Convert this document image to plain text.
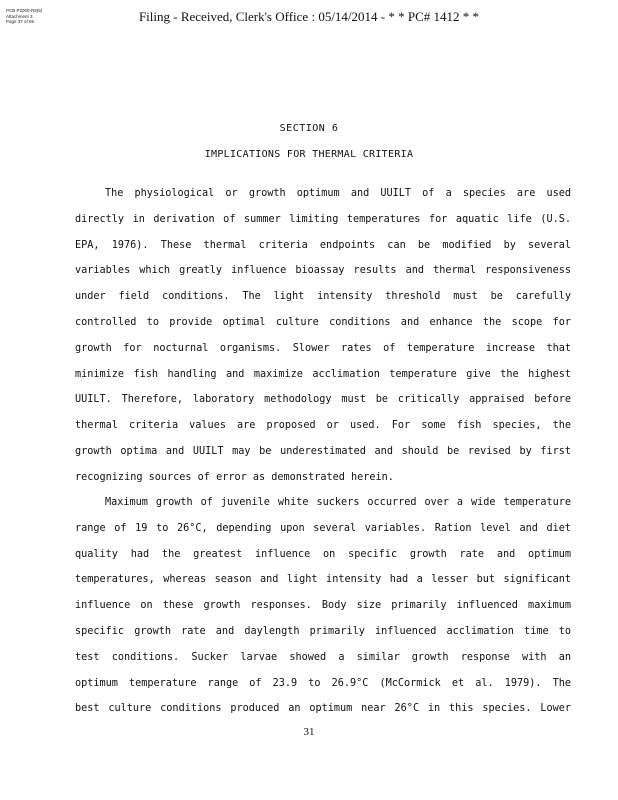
PCB P2000-R9(5)
Attachment 3
Page 37 of 65	Filing - Received, Clerk's Office : 05/14/2014 - * * PC# 1412 * *
SECTION 6
IMPLICATIONS FOR THERMAL CRITERIA
The physiological or growth optimum and UUILT of a species are used
directly in derivation of summer limiting temperatures for aquatic life (U.S.
EPA, 1976). These thermal criteria endpoints can be modified by several
variables which greatly influence bioassay results and thermal responsiveness
under field conditions. The light intensity threshold must be carefully
controlled to provide optimal culture conditions and enhance the scope for
growth for nocturnal organisms. Slower rates of temperature increase that
minimize fish handling and maximize acclimation temperature give the highest
UUILT. Therefore, laboratory methodology must be critically appraised before
thermal criteria values are proposed or used. For some fish species, the
growth optima and UUILT may be underestimated and should be revised by first
recognizing sources of error as demonstrated herein.
Maximum growth of juvenile white suckers occurred over a wide temperature
range of 19 to 26°C, depending upon several variables. Ration level and diet
quality had the greatest influence on specific growth rate and optimum
temperatures, whereas season and light intensity had a lesser but significant
influence on these growth responses. Body size primarily influenced maximum
specific growth rate and daylength primarily influenced acclimation time to
test conditions. Sucker larvae showed a similar growth response with an
optimum temperature range of 23.9 to 26.9°C (McCormick et al. 1979). The
best culture conditions produced an optimum near 26°C in this species. Lower
31
